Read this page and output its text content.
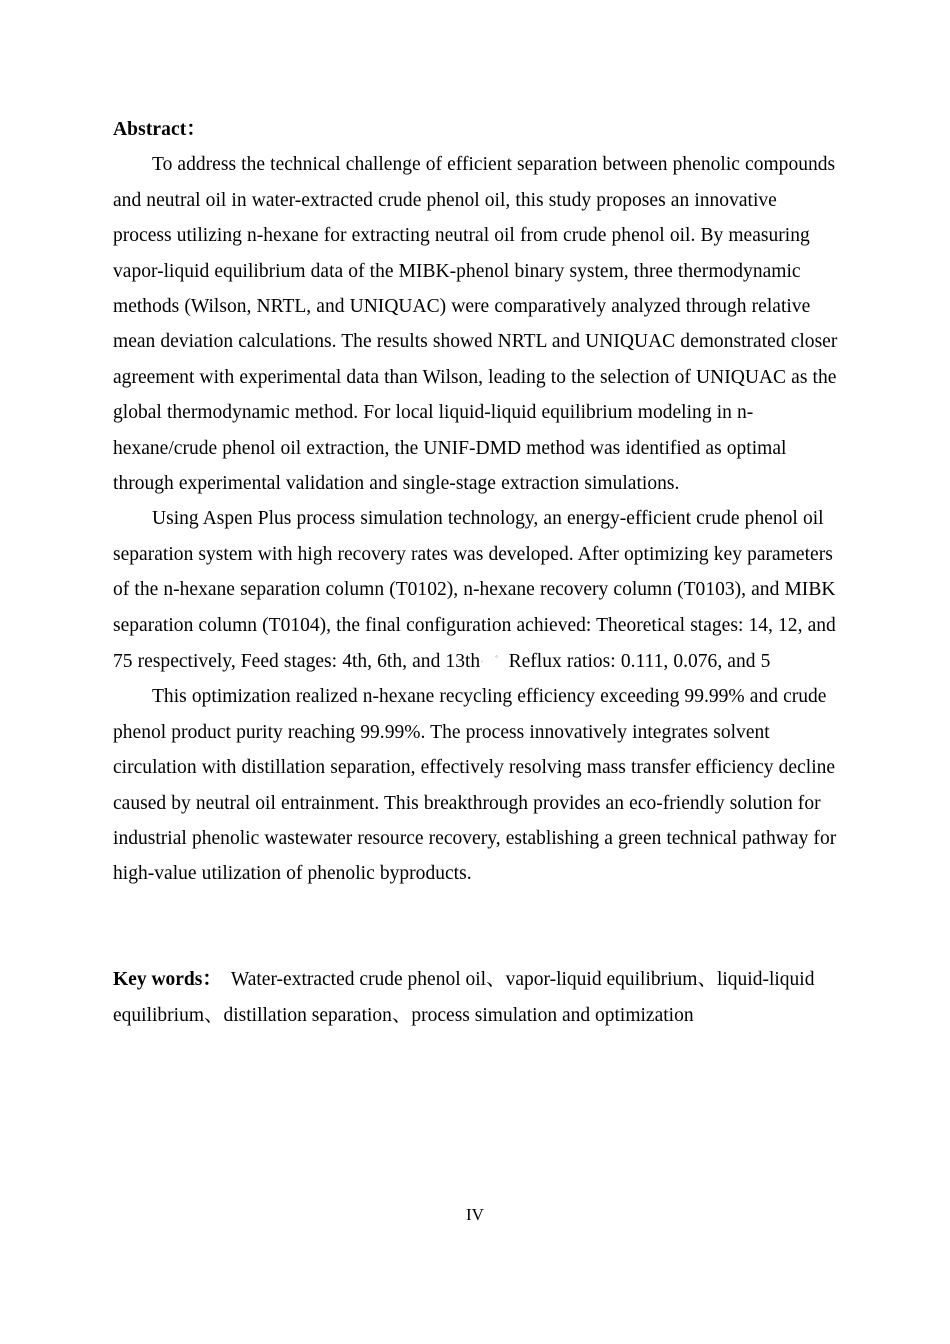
Abstract：

To address the technical challenge of efficient separation between phenolic compounds and neutral oil in water-extracted crude phenol oil, this study proposes an innovative process utilizing n-hexane for extracting neutral oil from crude phenol oil. By measuring vapor-liquid equilibrium data of the MIBK-phenol binary system, three thermodynamic methods (Wilson, NRTL, and UNIQUAC) were comparatively analyzed through relative mean deviation calculations. The results showed NRTL and UNIQUAC demonstrated closer agreement with experimental data than Wilson, leading to the selection of UNIQUAC as the global thermodynamic method. For local liquid-liquid equilibrium modeling in n-hexane/crude phenol oil extraction, the UNIF-DMD method was identified as optimal through experimental validation and single-stage extraction simulations.

Using Aspen Plus process simulation technology, an energy-efficient crude phenol oil separation system with high recovery rates was developed. After optimizing key parameters of the n-hexane separation column (T0102), n-hexane recovery column (T0103), and MIBK separation column (T0104), the final configuration achieved: Theoretical stages: 14, 12, and 75 respectively, Feed stages: 4th, 6th, and 13th˒ ˚ Reflux ratios: 0.111, 0.076, and 5

This optimization realized n-hexane recycling efficiency exceeding 99.99% and crude phenol product purity reaching 99.99%. The process innovatively integrates solvent circulation with distillation separation, effectively resolving mass transfer efficiency decline caused by neutral oil entrainment. This breakthrough provides an eco-friendly solution for industrial phenolic wastewater resource recovery, establishing a green technical pathway for high-value utilization of phenolic byproducts.

Key words： Water-extracted crude phenol oil、vapor-liquid equilibrium、liquid-liquid equilibrium、distillation separation、process simulation and optimization

IV
